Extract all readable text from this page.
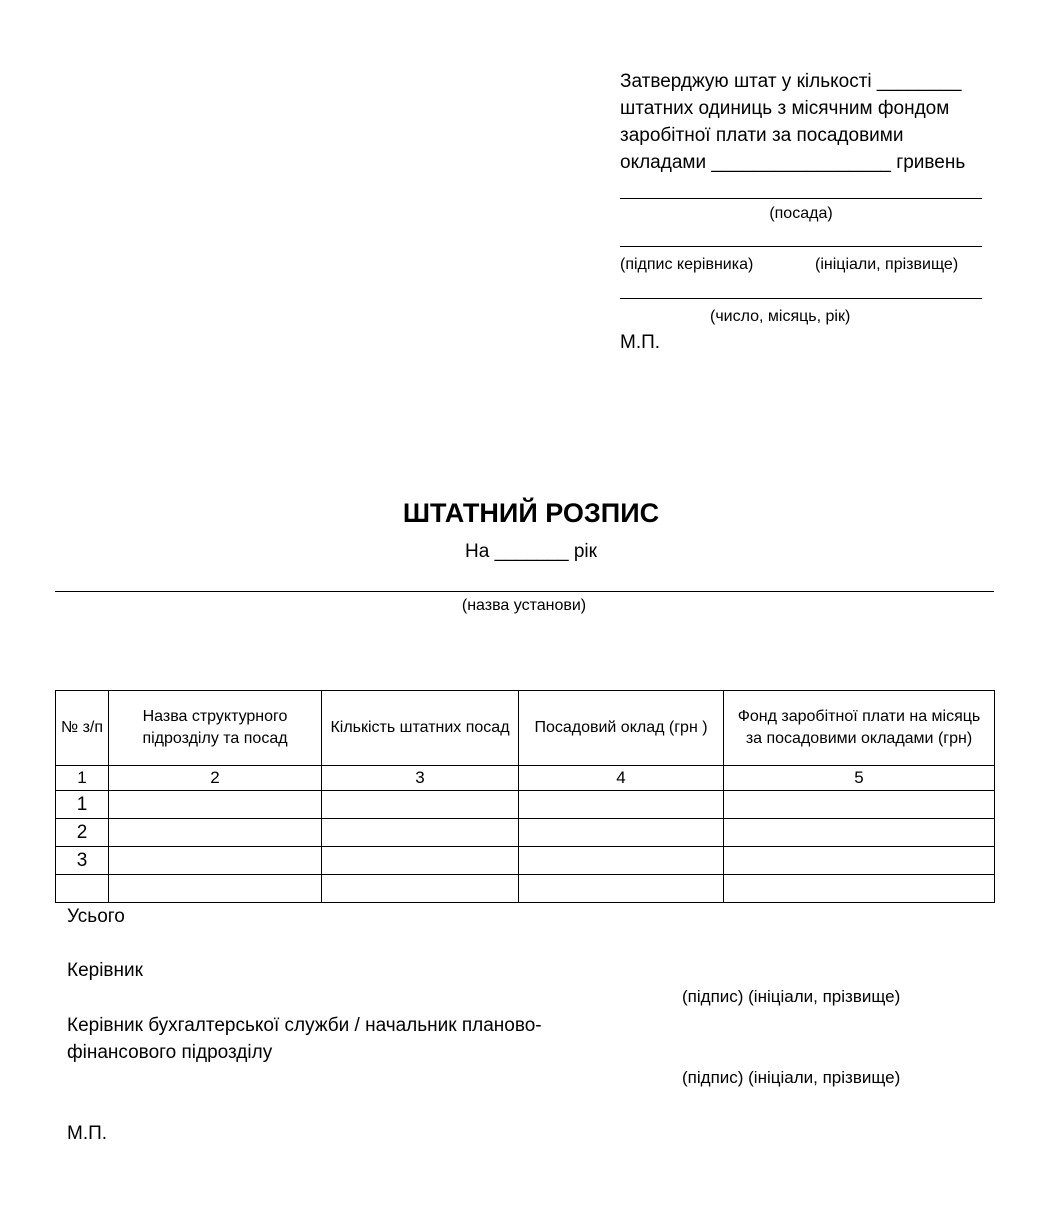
Затверджую штат у кількості ________
штатних одиниць з місячним фондом
заробітної плати за посадовими
окладами _________________ гривень
(посада)
(підпис керівника)	(ініціали, прізвище)
(число, місяць, рік)
М.П.
ШТАТНИЙ РОЗПИС
На _______ рік
(назва установи)
№ з/п	Назва структурного підрозділу та посад	Кількість штатних посад	Посадовий оклад (грн )	Фонд заробітної плати на місяць за посадовими окладами (грн)
1	2	3	4	5
1				
2				
3				

Усього
Керівник
(підпис) (ініціали, прізвище)
Керівник бухгалтерської служби / начальник планово-
фінансового підрозділу
(підпис) (ініціали, прізвище)
М.П.
